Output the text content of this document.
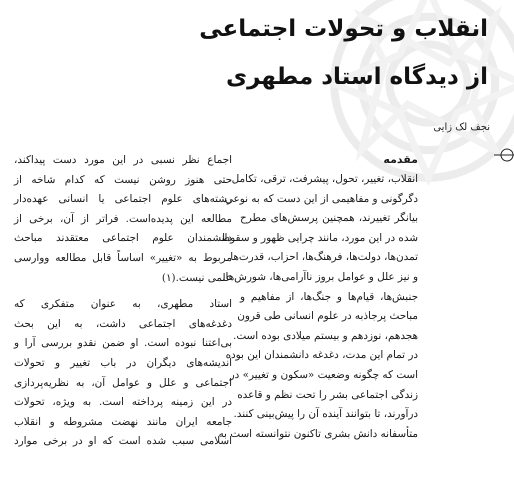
انقلاب و تحولات اجتماعی
از دیدگاه استاد مطهری

نجف لک زایی

مقدمه

انقلاب، تغییر، تحول، پیشرفت، ترقی، تکامل،

دگرگونی و مفاهیمی از این دست که به نوعی

بیانگر تغییرند، همچنین پرسش‌های مطرح

شده در این مورد، مانند چرایی ظهور و سقوط

تمدن‌ها، دولت‌ها، فرهنگ‌ها، احزاب، قدرت‌ها

و نیز علل و عوامل بروز ناآرامی‌ها، شورش‌ها،

جنبش‌ها، قیام‌ها و جنگ‌ها، از مفاهیم و

مباحث پرجاذبه در علوم انسانی طی قرون

هجدهم، نوزدهم و بیستم میلادی بوده است.

در تمام این مدت، دغدغه دانشمندان این بوده

است که چگونه وضعیت «سکون و تغییر» در

زندگی اجتماعی بشر را تحت نظم و قاعده

درآورند، تا بتوانند آینده آن را پیش‌بینی کنند.

متأسفانه دانش بشری تاکنون نتوانسته است به

اجماع نظر نسبی در این مورد دست پیداکند،

حتی هنوز روشن نیست که کدام شاخه از

رشته‌های علوم اجتماعی یا انسانی عهده‌دار

مطالعه این پدیده‌است. فراتر از آن، برخی از

دانشمندان علوم اجتماعی معتقدند مباحث

مربوط به «تغییر» اساساً قابل مطالعه ووارسی

علمی نیست.(۱)

استاد مطهری، به عنوان متفکری که

دغدغه‌های اجتماعی داشت، به این بحث

بی‌اعتنا نبوده است. او ضمن نقدو بررسی آرا و

اندیشه‌های دیگران در باب تغییر و تحولات

اجتماعی و علل و عوامل آن، به نظریه‌پردازی

در این زمینه پرداخته است. به ویژه، تحولات

جامعه ایران مانند نهضت مشروطه و انقلاب

اسلامی سبب شده است که او در برخی موارد
